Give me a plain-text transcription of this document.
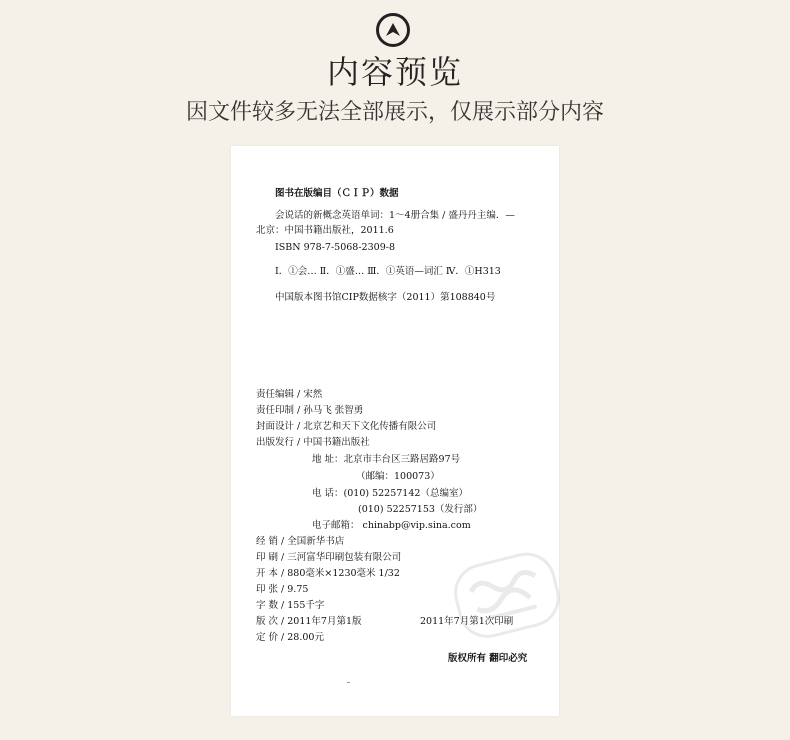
内容预览
因文件较多无法全部展示，仅展示部分内容
图书在版编目（ＣＩＰ）数据
会说话的新概念英语单词：1～4册合集 / 盛丹丹主编．—
北京：中国书籍出版社，2011.6
ISBN 978-7-5068-2309-8
Ⅰ．①会… Ⅱ．①盛… Ⅲ．①英语—词汇 Ⅳ．①H313
中国版本图书馆CIP数据核字（2011）第108840号
责任编辑 / 宋然
责任印制 / 孙马飞 张智勇
封面设计 / 北京艺和天下文化传播有限公司
出版发行 / 中国书籍出版社
地 址：北京市丰台区三路居路97号
（邮编：100073）
电 话：(010) 52257142（总编室）
(010) 52257153（发行部）
电子邮箱： chinabp@vip.sina.com
经 销 / 全国新华书店
印 刷 / 三河富华印刷包装有限公司
开 本 / 880毫米×1230毫米 1/32
印 张 / 9.75
字 数 / 155千字
版 次 / 2011年7月第1版	2011年7月第1次印刷
定 价 / 28.00元
版权所有 翻印必究
